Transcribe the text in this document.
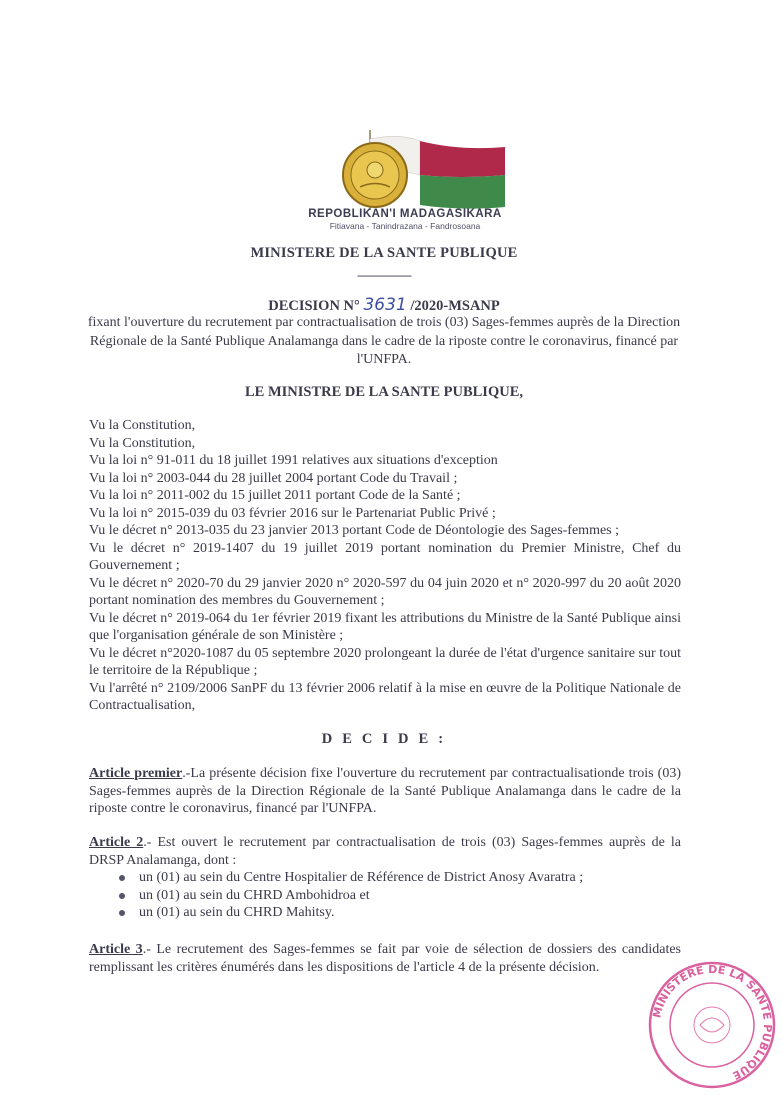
REPOBLIKAN'I MADAGASIKARA
Fitiavana - Tanindrazana - Fandrosoana
MINISTERE DE LA SANTE PUBLIQUE
------------------
DECISION N° 3631 /2020-MSANP
fixant l'ouverture du recrutement par contractualisation de trois (03) Sages-femmes auprès de la Direction Régionale de la Santé Publique Analamanga dans le cadre de la riposte contre le coronavirus, financé par l'UNFPA.
LE MINISTRE DE LA SANTE PUBLIQUE,

Vu la Constitution,

Vu la Constitution,

Vu la loi n° 91-011 du 18 juillet 1991 relatives aux situations d'exception

Vu la loi n° 2003-044 du 28 juillet 2004 portant Code du Travail ;

Vu la loi n° 2011-002 du 15 juillet 2011 portant Code de la Santé ;

Vu la loi n° 2015-039 du 03 février 2016 sur le Partenariat Public Privé ;

Vu le décret n° 2013-035 du 23 janvier 2013 portant Code de Déontologie des Sages-femmes ;

Vu le décret n° 2019-1407 du 19 juillet 2019 portant nomination du Premier Ministre, Chef du Gouvernement ;

Vu le décret n° 2020-70 du 29 janvier 2020 n° 2020-597 du 04 juin 2020 et n° 2020-997 du 20 août 2020 portant nomination des membres du Gouvernement ;

Vu le décret n° 2019-064 du 1er février 2019 fixant les attributions du Ministre de la Santé Publique ainsi que l'organisation générale de son Ministère ;

Vu le décret n°2020-1087 du 05 septembre 2020 prolongeant la durée de l'état d'urgence sanitaire sur tout le territoire de la République ;

Vu l'arrêté n° 2109/2006 SanPF du 13 février 2006 relatif à la mise en œuvre de la Politique Nationale de Contractualisation,

D E C I D E :
Article premier.-La présente décision fixe l'ouverture du recrutement par contractualisationde trois (03) Sages-femmes auprès de la Direction Régionale de la Santé Publique Analamanga dans le cadre de la riposte contre le coronavirus, financé par l'UNFPA.
Article 2.- Est ouvert le recrutement par contractualisation de trois (03) Sages-femmes auprès de la DRSP Analamanga, dont :
un (01) au sein du Centre Hospitalier de Référence de District Anosy Avaratra ;
un (01) au sein du CHRD Ambohidroa et
un (01) au sein du CHRD Mahitsy.
Article 3.- Le recrutement des Sages-femmes se fait par voie de sélection de dossiers des candidates remplissant les critères énumérés dans les dispositions de l'article 4 de la présente décision.
MINISTERE DE LA SANTE PUBLIQUE
